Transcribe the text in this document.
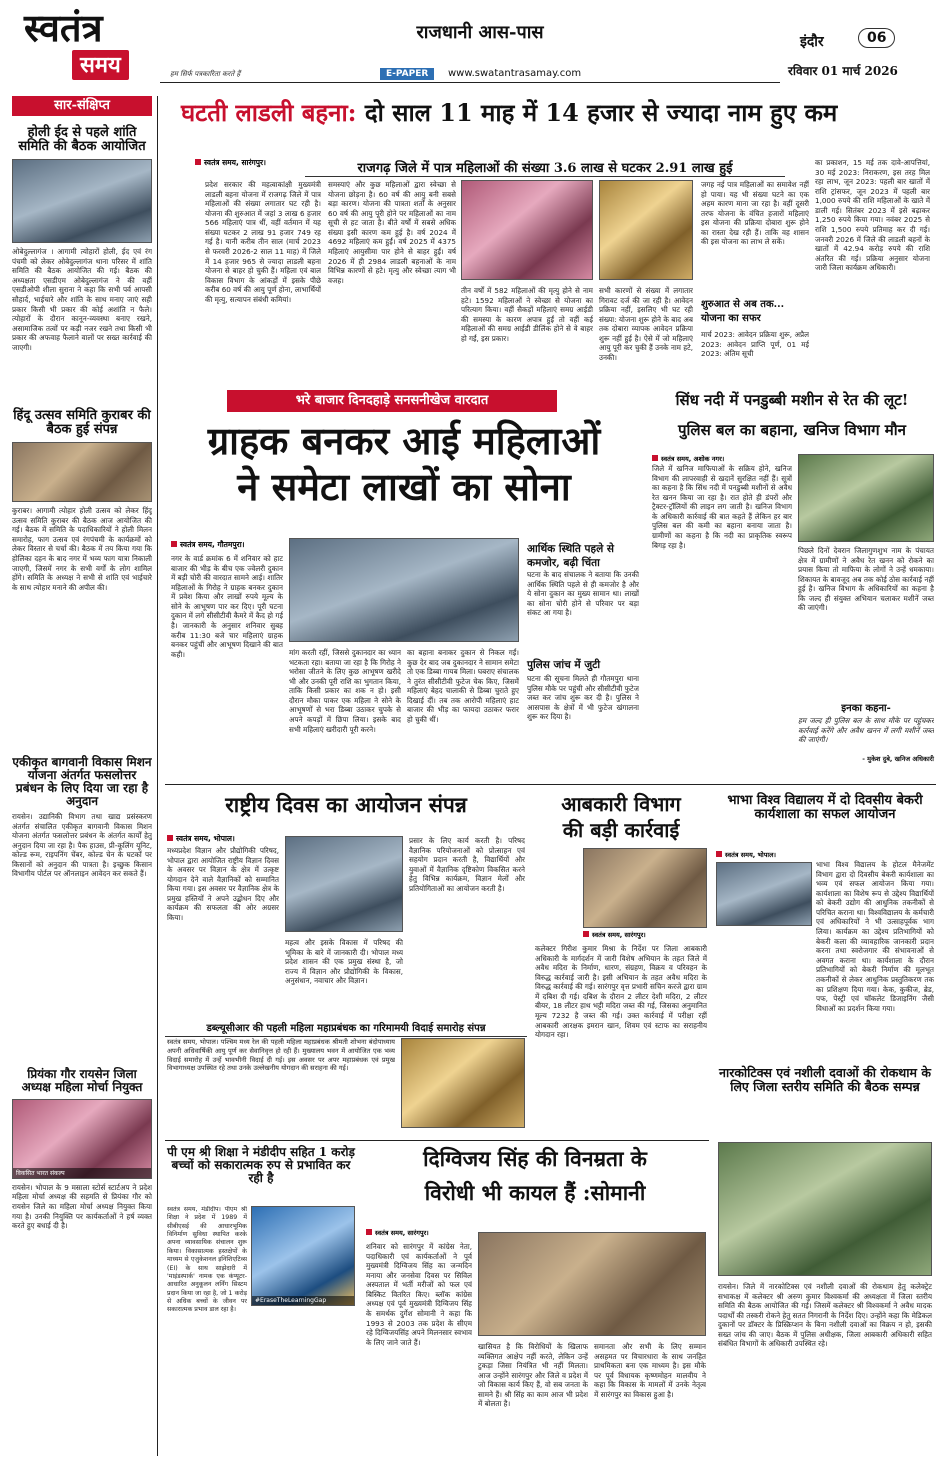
स्वतंत्र
समय	हम सिर्फ पत्रकारिता करते हैं
राजधानी आस-पास
E-PAPER	www.swatantrasamay.com
इंदौर	06
रविवार 01 मार्च 2026
सार-संक्षिप्त
होली ईद से पहले शांति समिति की बैठक आयोजित
ओबेदुल्लागंज । आगामी त्योहारों होली, ईद एवं रंग पंचमी को लेकर ओबेदुल्लागंज थाना परिसर में शांति समिति की बैठक आयोजित की गई। बैठक की अध्यक्षता एसडीएम ओबेदुल्लागंज ने की वहीं एसडीओपी शीला सुराना ने कहा कि सभी पर्व आपसी सौहार्द, भाईचारे और शांति के साथ मनाए जाएं सही प्रकार किसी भी प्रकार की कोई अशांति न फैले। त्योहारों के दौरान कानून-व्यवस्था बनाए रखने, असामाजिक तत्वों पर कड़ी नजर रखने तथा किसी भी प्रकार की अफवाह फैलाने वालों पर सख्त कार्रवाई की जाएगी।
हिंदू उत्सव समिति कुराबर की बैठक हुई संपन्न
कुराबर। आगामी त्योहार होली उत्सव को लेकर हिंदू उत्सव समिति कुराबर की बैठक आज आयोजित की गई। बैठक में समिति के पदाधिकारियों ने होली मिलन समारोह, फाग उत्सव एवं रंगपंचमी के कार्यक्रमों को लेकर विस्तार से चर्चा की। बैठक में तय किया गया कि होलिका दहन के बाद नगर में भव्य फाग यात्रा निकाली जाएगी, जिसमें नगर के सभी वर्गों के लोग शामिल होंगे। समिति के अध्यक्ष ने सभी से शांति एवं भाईचारे के साथ त्योहार मनाने की अपील की।
एकीकृत बागवानी विकास मिशन योजना अंतर्गत फसलोत्तर प्रबंधन के लिए दिया जा रहा है अनुदान
रायसेन। उद्यानिकी विभाग तथा खाद्य प्रसंस्करण अंतर्गत संचालित एकीकृत बागवानी विकास मिशन योजना अंतर्गत फसलोत्तर प्रबंधन के अंतर्गत कार्यों हेतु अनुदान दिया जा रहा है। पैक हाउस, प्री-कूलिंग यूनिट, कोल्ड रूम, राइपनिंग चेंबर, कोल्ड चेन के घटकों पर किसानों को अनुदान की पात्रता है। इच्छुक किसान विभागीय पोर्टल पर ऑनलाइन आवेदन कर सकते हैं।
प्रियंका गौर रायसेन जिला अध्यक्ष महिला मोर्चा नियुक्त
विकसित भारत संकल्प
रायसेन। भोपाल के 9 मसाला स्टोर्स स्टार्टअप ने प्रदेश महिला मोर्चा अध्यक्ष की सहमति से प्रियंका गौर को रायसेन जिले का महिला मोर्चा अध्यक्ष नियुक्त किया गया है। उनकी नियुक्ति पर कार्यकर्ताओं ने हर्ष व्यक्त करते हुए बधाई दी है।
घटती लाडली बहना: दो साल 11 माह में 14 हजार से ज्यादा नाम हुए कम
राजगढ़ जिले में पात्र महिलाओं की संख्या 3.6 लाख से घटकर 2.91 लाख हुई
स्वतंत्र समय, सारंगपुर।
प्रदेश सरकार की महत्वाकांक्षी मुख्यमंत्री लाडली बहना योजना में राजगढ़ जिले में पात्र महिलाओं की संख्या लगातार घट रही है। योजना की शुरुआत में जहां 3 लाख 6 हजार 566 महिलाएं पात्र थीं, वहीं वर्तमान में यह संख्या घटकर 2 लाख 91 हजार 749 रह गई है। यानी करीब तीन साल (मार्च 2023 से फरवरी 2026-2 साल 11 माह) में जिले में 14 हजार 965 से ज्यादा लाडली बहना योजना से बाहर हो चुकी हैं। महिला एवं बाल विकास विभाग के आंकड़ों में इसके पीछे करीब 60 वर्ष की आयु पूर्ण होना, लाभार्थियों की मृत्यु, सत्यापन संबंधी कमियां।
समस्याएं और कुछ महिलाओं द्वारा स्वेच्छा से योजना छोड़ना है। 60 वर्ष की आयु बनी सबसे बड़ा कारण। योजना की पात्रता शर्तों के अनुसार 60 वर्ष की आयु पूरी होने पर महिलाओं का नाम सूची से हट जाता है। बीते वर्षों में सबसे अधिक संख्या इसी कारण कम हुई है। वर्ष 2024 में 4692 महिलाएं कम हुईं। वर्ष 2025 में 4375 महिलाएं आयुसीमा पार होने से बाहर हुईं। वर्ष 2026 में ही 2984 लाडली बहनाओं के नाम विभिन्न कारणों से हटे। मृत्यु और स्वेच्छा त्याग भी वजह।
तीन वर्षों में 582 महिलाओं की मृत्यु होने से नाम हटे। 1592 महिलाओं ने स्वेच्छा से योजना का परित्याग किया। वहीं सैकड़ों महिलाएं समग्र आईडी की समस्या के कारण अपात्र हुईं तो वहीं कई महिलाओं की समग्र आईडी डीलिंक होने से वे बाहर हो गईं, इस प्रकार।
सभी कारणों से संख्या में लगातार गिरावट दर्ज की जा रही है। आवेदन प्रक्रिया नहीं, इसलिए भी घट रही संख्या: योजना शुरू होने के बाद अब तक दोबारा व्यापक आवेदन प्रक्रिया शुरू नहीं हुई है। ऐसे में जो महिलाएं आयु पूरी कर चुकी हैं उनके नाम हटे, उनकी।
जगह नई पात्र महिलाओं का समावेश नहीं हो पाया। यह भी संख्या घटने का एक अहम कारण माना जा रहा है। वहीं दूसरी तरफ योजना के वंचित हजारों महिलाएं इस योजना की प्रक्रिया दोबारा शुरू होने का रास्ता देख रही हैं। ताकि वह शासन की इस योजना का लाभ ले सकें।
शुरुआत से अब तक... योजना का सफर
मार्च 2023: आवेदन प्रक्रिया शुरू, अप्रैल 2023: आवेदन प्राप्ति पूर्ण, 01 मई 2023: अंतिम सूची
का प्रकाशन, 15 मई तक दावे-आपत्तियां, 30 मई 2023: निराकरण, इस तरह मिल रहा लाभ, जून 2023: पहली बार खातों में राशि ट्रांसफर, जून 2023 में पहली बार 1,000 रुपये की राशि महिलाओं के खाते में डाली गई। सितंबर 2023 में इसे बढ़ाकर 1,250 रुपये किया गया। नवंबर 2025 से राशि 1,500 रुपये प्रतिमाह कर दी गई। जनवरी 2026 में जिले की लाडली बहनों के खातों में 42.94 करोड़ रुपये की राशि अंतरित की गई। प्रक्रिया अनुसार योजना जारी जिला कार्यक्रम अधिकारी।
भरे बाजार दिनदहाड़े सनसनीखेज वारदात
ग्राहक बनकर आई महिलाओं
ने समेटा लाखों का सोना
स्वतंत्र समय, गौतमपुरा।
नगर के वार्ड क्रमांक 6 में शनिवार को हाट बाजार की भीड़ के बीच एक ज्वेलरी दुकान में बड़ी चोरी की वारदात सामने आई। शातिर महिलाओं के गिरोह ने ग्राहक बनकर दुकान में प्रवेश किया और लाखों रुपये मूल्य के सोने के आभूषण पार कर दिए। पूरी घटना दुकान में लगे सीसीटीवी कैमरे में कैद हो गई है। जानकारी के अनुसार शनिवार सुबह करीब 11:30 बजे चार महिलाएं ग्राहक बनकर पहुंचीं और आभूषण दिखाने की बात कही।	मांग करती रहीं, जिससे दुकानदार का ध्यान भटकता रहा। बताया जा रहा है कि गिरोह ने भरोसा जीतने के लिए कुछ आभूषण खरीदे भी और उनकी पूरी राशि का भुगतान किया, ताकि किसी प्रकार का शक न हो। इसी दौरान मौका पाकर एक महिला ने सोने के आभूषणों से भरा डिब्बा उठाकर चुपके से अपने कपड़ों में छिपा लिया। इसके बाद सभी महिलाएं खरीदारी पूरी करने।
का बहाना बनाकर दुकान से निकल गईं। कुछ देर बाद जब दुकानदार ने सामान समेटा तो एक डिब्बा गायब मिला। घबराए संचालक ने तुरंत सीसीटीवी फुटेज चेक किए, जिसमें महिलाएं बेहद चालाकी से डिब्बा चुराते हुए दिखाई दीं। तब तक आरोपी महिलाएं हाट बाजार की भीड़ का फायदा उठाकर फरार हो चुकी थीं।
आर्थिक स्थिति पहले से कमजोर, बढ़ी चिंता
घटना के बाद संचालक ने बताया कि उनकी आर्थिक स्थिति पहले से ही कमजोर है और ये सोना दुकान का मुख्य सामान था। लाखों का सोना चोरी होने से परिवार पर बड़ा संकट आ गया है।
पुलिस जांच में जुटी
घटना की सूचना मिलते ही गौतमपुरा थाना पुलिस मौके पर पहुंची और सीसीटीवी फुटेज जब्त कर जांच शुरू कर दी है। पुलिस ने आसपास के क्षेत्रों में भी फुटेज खंगालना शुरू कर दिया है।
सिंध नदी में पनडुब्बी मशीन से रेत की लूट!
पुलिस बल का बहाना, खनिज विभाग मौन
स्वतंत्र समय, अशोक नगर।
जिले में खनिज माफियाओं के सक्रिय होने, खनिज विभाग की लापरवाही से खदानें सुरक्षित नहीं हैं। सूत्रों का कहना है कि सिंध नदी में पनडुब्बी मशीनों से अवैध रेत खनन किया जा रहा है। रात होते ही डंपरों और ट्रैक्टर-ट्रॉलियों की लाइन लग जाती है। खनिज विभाग के अधिकारी कार्रवाई की बात कहते हैं लेकिन हर बार पुलिस बल की कमी का बहाना बनाया जाता है। ग्रामीणों का कहना है कि नदी का प्राकृतिक स्वरूप बिगड़ रहा है।
पिछले दिनों देवरान जिलागुणशुभ नाम के पंचायत क्षेत्र में ग्रामीणों ने अवैध रेत खनन को रोकने का प्रयास किया तो माफिया के लोगों ने उन्हें धमकाया। शिकायत के बावजूद अब तक कोई ठोस कार्रवाई नहीं हुई है। खनिज विभाग के अधिकारियों का कहना है कि जल्द ही संयुक्त अभियान चलाकर मशीनें जब्त की जाएंगी।
इनका कहना-
हम जल्द ही पुलिस बल के साथ मौके पर पहुंचकर कार्रवाई करेंगे और अवैध खनन में लगी मशीनें जब्त की जाएंगी।
- मुकेश दुबे, खनिज अधिकारी
राष्ट्रीय दिवस का आयोजन संपन्न
स्वतंत्र समय, भोपाल।
मध्यप्रदेश विज्ञान और प्रौद्योगिकी परिषद, भोपाल द्वारा आयोजित राष्ट्रीय विज्ञान दिवस के अवसर पर विज्ञान के क्षेत्र में उत्कृष्ट योगदान देने वाले वैज्ञानिकों को सम्मानित किया गया। इस अवसर पर वैज्ञानिक क्षेत्र के प्रमुख हस्तियों ने अपने उद्बोधन दिए और कार्यक्रम की सफलता की ओर अग्रसर किया।
महत्व और इसके विकास में परिषद की भूमिका के बारे में जानकारी दी। भोपाल मध्य प्रदेश शासन की एक प्रमुख संस्था है, जो राज्य में विज्ञान और प्रौद्योगिकी के विकास, अनुसंधान, नवाचार और विज्ञान।
प्रसार के लिए कार्य करती है। परिषद वैज्ञानिक परियोजनाओं को प्रोत्साहन एवं सहयोग प्रदान करती है, विद्यार्थियों और युवाओं में वैज्ञानिक दृष्टिकोण विकसित करने हेतु विभिन्न कार्यक्रम, विज्ञान मेलों और प्रतियोगिताओं का आयोजन करती है।
डब्ल्यूसीआर की पहली महिला महाप्रबंधक का गरिमामयी विदाई समारोह संपन्न
स्वतंत्र समय, भोपाल। पश्चिम मध्य रेल की पहली महिला महाप्रबंधक श्रीमती शोभना बंदोपाध्याय अपनी अधिवार्षिकी आयु पूर्ण कर सेवानिवृत्त हो रही हैं। मुख्यालय भवन में आयोजित एक भव्य विदाई समारोह में उन्हें भावभीनी विदाई दी गई। इस अवसर पर अपर महाप्रबंधक एवं प्रमुख विभागाध्यक्ष उपस्थित रहे तथा उनके उल्लेखनीय योगदान की सराहना की गई।
आबकारी विभाग
की बड़ी कार्रवाई
स्वतंत्र समय, सारंगपुर।
कलेक्टर गिरीश कुमार मिश्रा के निर्देश पर जिला आबकारी अधिकारी के मार्गदर्शन में जारी विशेष अभियान के तहत जिले में अवैध मदिरा के निर्माण, धारण, संग्रहण, विक्रय व परिवहन के विरुद्ध कार्रवाई जारी है। इसी अभियान के तहत अवैध मदिरा के विरुद्ध कार्रवाई की गई। सारंगपुर वृत्त प्रभारी सचिन करजे द्वारा ग्राम में दबिश दी गई। दबिश के दौरान 2 लीटर देशी मदिरा, 2 लीटर बीयर, 18 लीटर हाथ भट्टी मदिरा जब्त की गई, जिसका अनुमानित मूल्य 7232 है जब्त की गई। उक्त कार्रवाई में परीक्षा रहीं आबकारी आरक्षक इमरान खान, शिवम एवं स्टाफ का सराहनीय योगदान रहा।
भाभा विश्व विद्यालय में दो दिवसीय बेकरी कार्यशाला का सफल आयोजन
स्वतंत्र समय, भोपाल।
भाभा विश्व विद्यालय के होटल मैनेजमेंट विभाग द्वारा दो दिवसीय बेकरी कार्यशाला का भव्य एवं सफल आयोजन किया गया। कार्यशाला का विशेष रूप से उद्देश्य विद्यार्थियों को बेकरी उद्योग की आधुनिक तकनीकों से परिचित कराना था। विश्वविद्यालय के कर्मचारी एवं अधिकारियों ने भी उत्साहपूर्वक भाग लिया। कार्यक्रम का उद्देश्य प्रतिभागियों को बेकरी कला की व्यावहारिक जानकारी प्रदान करना तथा स्वरोजगार की संभावनाओं से अवगत कराना था। कार्यशाला के दौरान प्रतिभागियों को बेकरी निर्माण की मूलभूत तकनीकों से लेकर आधुनिक प्रस्तुतिकरण तक का प्रशिक्षण दिया गया। केक, कुकीज, ब्रेड, पफ, पेस्ट्री एवं चॉकलेट डिजाइनिंग जैसी विधाओं का प्रदर्शन किया गया।
नारकोटिक्स एवं नशीली दवाओं की रोकथाम के लिए जिला स्तरीय समिति की बैठक सम्पन्न
रायसेन। जिले में नारकोटिक्स एवं नशीली दवाओं की रोकथाम हेतु कलेक्ट्रेट सभाकक्ष में कलेक्टर श्री अरुण कुमार विश्वकर्मा की अध्यक्षता में जिला स्तरीय समिति की बैठक आयोजित की गई। जिसमें कलेक्टर श्री विश्वकर्मा ने अवैध मादक पदार्थों की तस्करी रोकने हेतु सतत निगरानी के निर्देश दिए। उन्होंने कहा कि मेडिकल दुकानों पर डॉक्टर के प्रिस्क्रिप्शन के बिना नशीली दवाओं का विक्रय न हो, इसकी सख्त जांच की जाए। बैठक में पुलिस अधीक्षक, जिला आबकारी अधिकारी सहित संबंधित विभागों के अधिकारी उपस्थित रहे।
पी एम श्री शिक्षा ने मंडीदीप सहित 1 करोड़ बच्चों को सकारात्मक रुप से प्रभावित कर रही है
#EraseTheLearningGap
स्वतंत्र समय, मंडीदीप। पीएम श्री शिक्षा ने प्रदेश में 1989 में सीबीएसई की आधारभूमिक विनिर्माण सुविधा स्थापित करके अपना व्यावसायिक संचालन शुरू किया। विकासात्मक हस्तक्षेपों के माध्यम से एजुकेशनल इनिशिएटिव्स (EI) के साथ साझेदारी में 'माइंडस्पार्क' नामक एक कंप्यूटर-आधारित अनुकूलन लर्निंग सिस्टम प्रदान किया जा रहा है, जो 1 करोड़ से अधिक बच्चों के जीवन पर सकारात्मक प्रभाव डाल रहा है।
दिग्विजय सिंह की विनम्रता के
विरोधी भी कायल हैं :सोमानी
स्वतंत्र समय, सारंगपुर।
शनिवार को सारंगपुर में कांग्रेस नेता, पदाधिकारी एवं कार्यकर्ताओं ने पूर्व मुख्यमंत्री दिग्विजय सिंह का जन्मदिन मनाया और जनसेवा दिवस पर सिविल अस्पताल में भर्ती मरीजों को फल एवं बिस्किट वितरित किए। ब्लॉक कांग्रेस अध्यक्ष एवं पूर्व मुख्यमंत्री दिग्विजय सिंह के समर्थक दुर्गेश सोमानी ने कहा कि 1993 से 2003 तक प्रदेश के सीएम रहे दिग्विजयसिंह अपने मिलनसार स्वभाव के लिए जाने जाते हैं।	खासियत है कि विरोधियों के खिलाफ व्यक्तिगत आक्षेप नहीं करते, लेकिन उन्हें टुकड़ा जिसा नियंत्रित भी नहीं मिलता। आज उन्होंने सारंगपुर और जिले व प्रदेश में जो विकास कार्य किए हैं, वो सब जनता के सामने हैं। श्री सिंह का काम आज भी प्रदेश में बोलता है।
समानता और सभी के लिए सम्मान असहमत पर विचारधारा के साथ जनहित प्राथमिकता बना एक माध्यम है। इस मौके पर पूर्व विधायक कृष्णमोहन मालवीय ने कहा कि विकास के मामलों में उनके नेतृत्व में सारंगपुर का विकास हुआ है।
